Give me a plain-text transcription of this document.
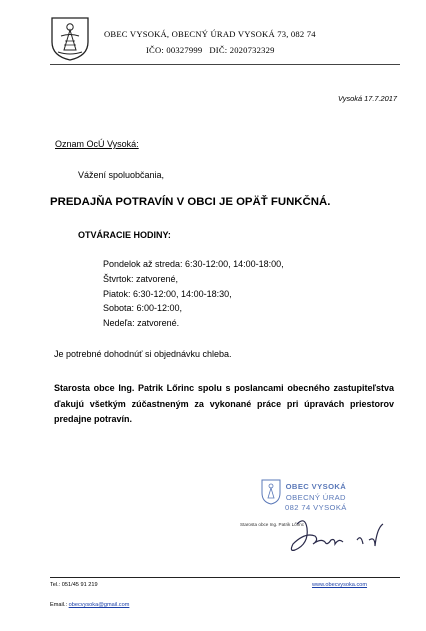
OBEC VYSOKÁ, OBECNÝ ÚRAD VYSOKÁ 73, 082 74
IČO: 00327999   DIČ: 2020732329
Vysoká 17.7.2017
Oznam OcÚ Vysoká:
Vážení spoluobčania,
PREDAJŇA POTRAVÍN V OBCI JE OPÄŤ FUNKČNÁ.
OTVÁRACIE HODINY:
Pondelok až streda: 6:30-12:00, 14:00-18:00,
Štvrtok: zatvorené,
Piatok: 6:30-12:00, 14:00-18:30,
Sobota: 6:00-12:00,
Nedeľa: zatvorené.
Je potrebné dohodnúť si objednávku chleba.
Starosta obce Ing. Patrik Lőrinc spolu s poslancami obecného zastupiteľstva ďakujú všetkým zúčastneným za vykonané práce pri úpravách priestorov predajne potravín.
OBEC VYSOKÁ
OBECNÝ ÚRAD
082 74 VYSOKÁ
Starosta obce Ing. Patrik Lőrinc
Tel.: 051/45 91 219	www.obecvysoka.com
Email.: obecvysoka@gmail.com
